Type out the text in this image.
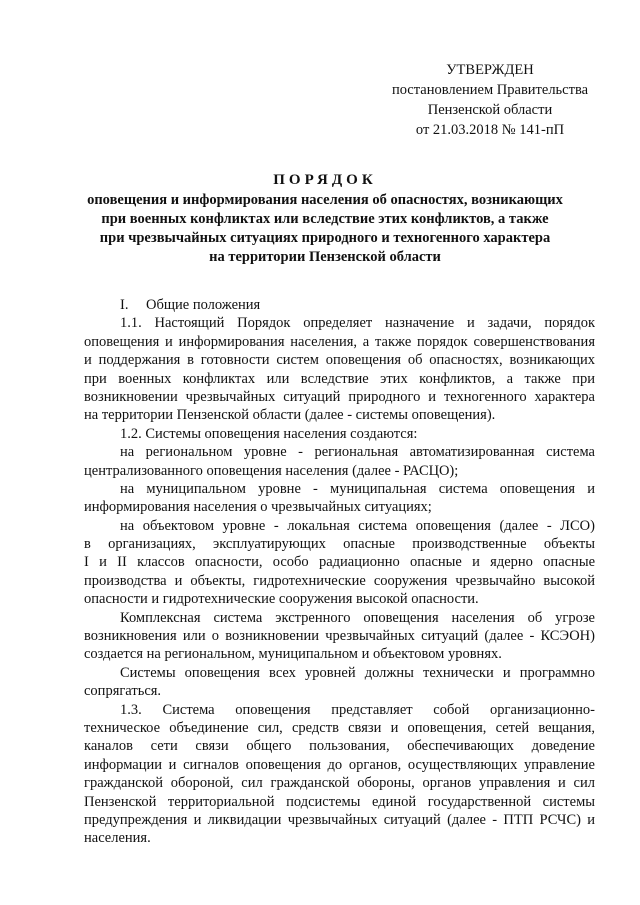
УТВЕРЖДЕН
постановлением Правительства
Пензенской области
от 21.03.2018 № 141-пП
ПОРЯДОК
оповещения и информирования населения об опасностях, возникающих
при военных конфликтах или вследствие этих конфликтов, а также
при чрезвычайных ситуациях природного и техногенного характера
на территории Пензенской области
I.	Общие положения
1.1. Настоящий Порядок определяет назначение и задачи, порядок
оповещения и информирования населения, а также порядок совершенствования
и поддержания в готовности систем оповещения об опасностях, возникающих
при военных конфликтах или вследствие этих конфликтов, а также при
возникновении чрезвычайных ситуаций природного и техногенного характера
на территории Пензенской области (далее - системы оповещения).
1.2. Системы оповещения населения создаются:
на региональном уровне - региональная автоматизированная система
централизованного оповещения населения (далее - РАСЦО);
на муниципальном уровне - муниципальная система оповещения и
информирования населения о чрезвычайных ситуациях;
на объектовом уровне - локальная система оповещения (далее - ЛСО)
в организациях, эксплуатирующих опасные производственные объекты
I и II классов опасности, особо радиационно опасные и ядерно опасные
производства и объекты, гидротехнические сооружения чрезвычайно высокой
опасности и гидротехнические сооружения высокой опасности.
Комплексная система экстренного оповещения населения об угрозе
возникновения или о возникновении чрезвычайных ситуаций (далее - КСЭОН)
создается на региональном, муниципальном и объектовом уровнях.
Системы оповещения всех уровней должны технически и программно
сопрягаться.
1.3. Система оповещения представляет собой организационно-
техническое объединение сил, средств связи и оповещения, сетей вещания,
каналов сети связи общего пользования, обеспечивающих доведение
информации и сигналов оповещения до органов, осуществляющих управление
гражданской обороной, сил гражданской обороны, органов управления и сил
Пензенской территориальной подсистемы единой государственной системы
предупреждения и ликвидации чрезвычайных ситуаций (далее - ПТП РСЧС) и
населения.
